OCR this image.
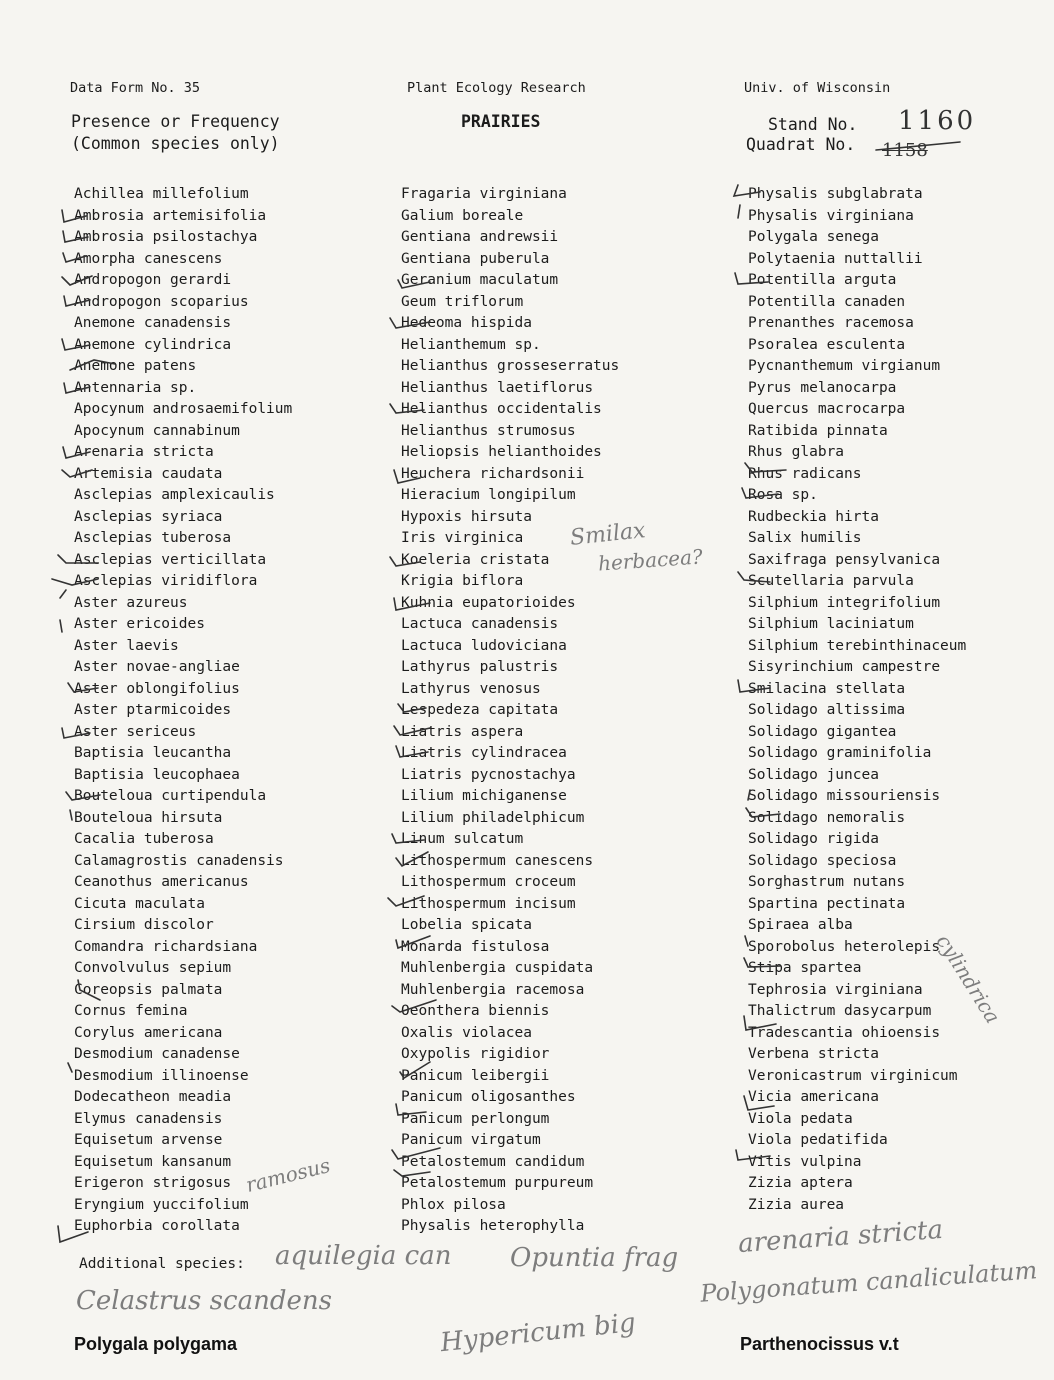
Data Form No. 35	Plant Ecology Research	Univ. of Wisconsin
Presence or Frequency
(Common species only)
PRAIRIES	Stand No.
Quadrat No.
1160
1158
Achillea millefolium
Ambrosia artemisifolia
Ambrosia psilostachya
Amorpha canescens
Andropogon gerardi
Andropogon scoparius
Anemone canadensis
Anemone cylindrica
Anemone patens
Antennaria sp.
Apocynum androsaemifolium
Apocynum cannabinum
Arenaria stricta
Artemisia caudata
Asclepias amplexicaulis
Asclepias syriaca
Asclepias tuberosa
Asclepias verticillata
Asclepias viridiflora
Aster azureus
Aster ericoides
Aster laevis
Aster novae-angliae
Aster oblongifolius
Aster ptarmicoides
Aster sericeus
Baptisia leucantha
Baptisia leucophaea
Bouteloua curtipendula
Bouteloua hirsuta
Cacalia tuberosa
Calamagrostis canadensis
Ceanothus americanus
Cicuta maculata
Cirsium discolor
Comandra richardsiana
Convolvulus sepium
Coreopsis palmata
Cornus femina
Corylus americana
Desmodium canadense
Desmodium illinoense
Dodecatheon meadia
Elymus canadensis
Equisetum arvense
Equisetum kansanum
Erigeron strigosus
Eryngium yuccifolium
Euphorbia corollata
Fragaria virginiana
Galium boreale
Gentiana andrewsii
Gentiana puberula
Geranium maculatum
Geum triflorum
Hedeoma hispida
Helianthemum sp.
Helianthus grosseserratus
Helianthus laetiflorus
Helianthus occidentalis
Helianthus strumosus
Heliopsis helianthoides
Heuchera richardsonii
Hieracium longipilum
Hypoxis hirsuta
Iris virginica
Koeleria cristata
Krigia biflora
Kuhnia eupatorioides
Lactuca canadensis
Lactuca ludoviciana
Lathyrus palustris
Lathyrus venosus
Lespedeza capitata
Liatris aspera
Liatris cylindracea
Liatris pycnostachya
Lilium michiganense
Lilium philadelphicum
Linum sulcatum
Lithospermum canescens
Lithospermum croceum
Lithospermum incisum
Lobelia spicata
Monarda fistulosa
Muhlenbergia cuspidata
Muhlenbergia racemosa
Oeonthera biennis
Oxalis violacea
Oxypolis rigidior
Panicum leibergii
Panicum oligosanthes
Panicum perlongum
Panicum virgatum
Petalostemum candidum
Petalostemum purpureum
Phlox pilosa
Physalis heterophylla
Physalis subglabrata
Physalis virginiana
Polygala senega
Polytaenia nuttallii
Potentilla arguta
Potentilla canaden
Prenanthes racemosa
Psoralea esculenta
Pycnanthemum virgianum
Pyrus melanocarpa
Quercus macrocarpa
Ratibida pinnata
Rhus glabra
Rhus radicans
Rosa sp.
Rudbeckia hirta
Salix humilis
Saxifraga pensylvanica
Scutellaria parvula
Silphium integrifolium
Silphium laciniatum
Silphium terebinthinaceum
Sisyrinchium campestre
Smilacina stellata
Solidago altissima
Solidago gigantea
Solidago graminifolia
Solidago juncea
Solidago missouriensis
Solidago nemoralis
Solidago rigida
Solidago speciosa
Sorghastrum nutans
Spartina pectinata
Spiraea alba
Sporobolus heterolepis
Stipa spartea
Tephrosia virginiana
Thalictrum dasycarpum
Tradescantia ohioensis
Verbena stricta
Veronicastrum virginicum
Vicia americana
Viola pedata
Viola pedatifida
Vitis vulpina
Zizia aptera
Zizia aurea
Additional species:
Smilax
herbacea?
ramosus
cylindrica
aquilegia can Opuntia frag arenaria stricta
Celastrus scandens
Hypericum big
Polygonatum canaliculatum
Polygala polygama	Parthenocissus v.t
